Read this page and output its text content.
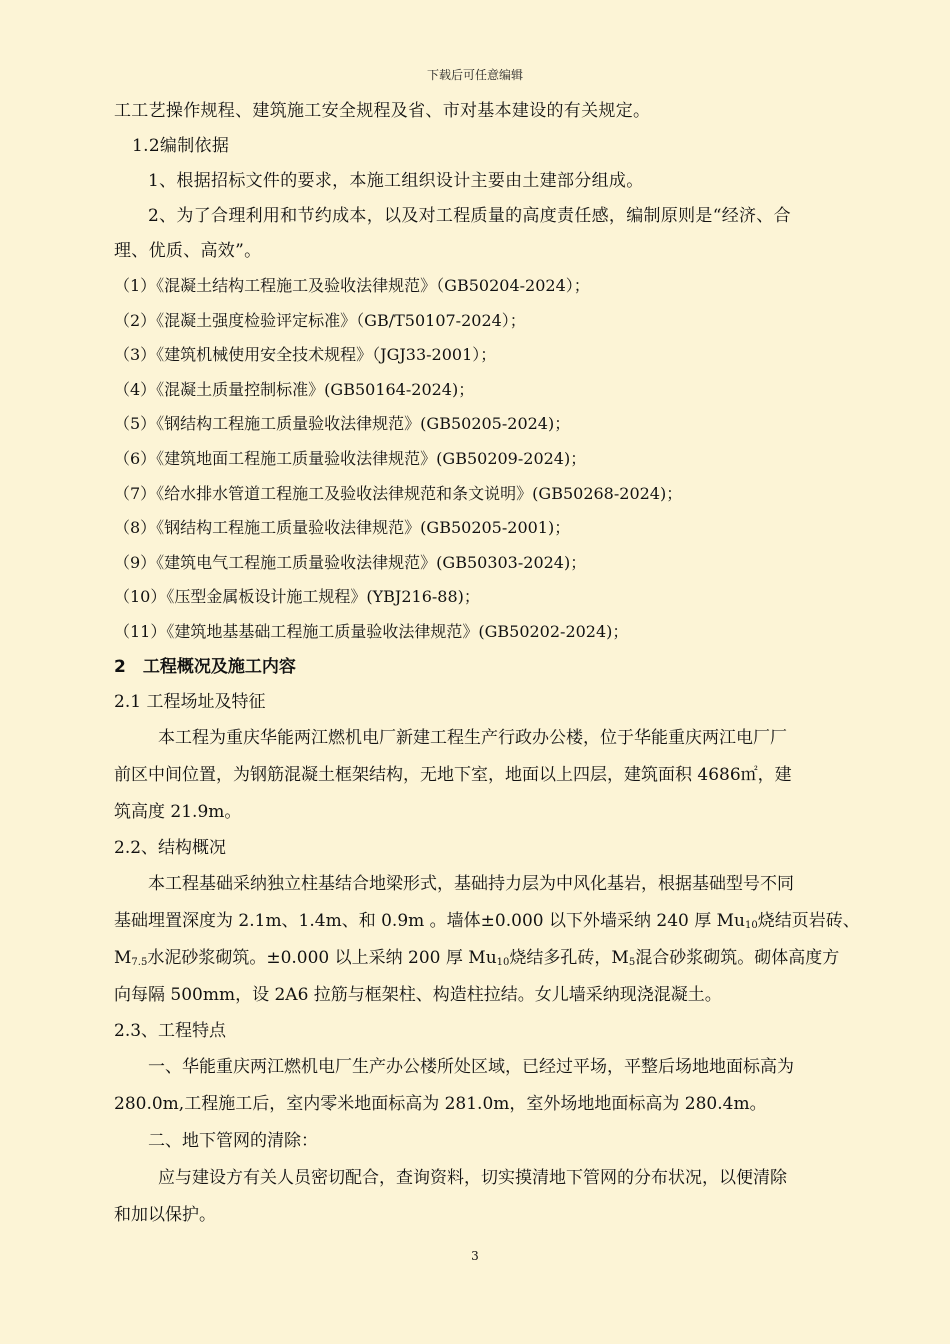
下载后可任意编辑
工工艺操作规程、建筑施工安全规程及省、市对基本建设的有关规定。
1.2编制依据
1、根据招标文件的要求，本施工组织设计主要由土建部分组成。
2、为了合理利用和节约成本，以及对工程质量的高度责任感，编制原则是“经济、合
理、优质、高效”。
（1）《混凝土结构工程施工及验收法律规范》（GB50204-2024）；
（2）《混凝土强度检验评定标准》（GB/T50107-2024）；
（3）《建筑机械使用安全技术规程》（JGJ33-2001）；
（4）《混凝土质量控制标准》(GB50164-2024)；
（5）《钢结构工程施工质量验收法律规范》(GB50205-2024)；
（6）《建筑地面工程施工质量验收法律规范》(GB50209-2024)；
（7）《给水排水管道工程施工及验收法律规范和条文说明》(GB50268-2024)；
（8）《钢结构工程施工质量验收法律规范》(GB50205-2001)；
（9）《建筑电气工程施工质量验收法律规范》(GB50303-2024)；
（10）《压型金属板设计施工规程》(YBJ216-88)；
（11）《建筑地基基础工程施工质量验收法律规范》(GB50202-2024)；
2　工程概况及施工内容
2.1 工程场址及特征
本工程为重庆华能两江燃机电厂新建工程生产行政办公楼，位于华能重庆两江电厂厂
前区中间位置，为钢筋混凝土框架结构，无地下室，地面以上四层，建筑面积 4686㎡，建
筑高度 21.9m。
2.2、结构概况
本工程基础采纳独立柱基结合地梁形式，基础持力层为中风化基岩，根据基础型号不同
基础埋置深度为 2.1m、1.4m、和 0.9m 。墙体±0.000 以下外墙采纳 240 厚 $Mu_{10}$烧结页岩砖、
$M_{7.5}$水泥砂浆砌筑。±0.000 以上采纳 200 厚 $Mu_{10}$烧结多孔砖，$M_5$混合砂浆砌筑。砌体高度方
向每隔 500mm，设 2A6 拉筋与框架柱、构造柱拉结。女儿墙采纳现浇混凝土。
2.3、工程特点
一、华能重庆两江燃机电厂生产办公楼所处区域，已经过平场，平整后场地地面标高为
280.0m,工程施工后，室内零米地面标高为 281.0m，室外场地地面标高为 280.4m。
二、地下管网的清除：
应与建设方有关人员密切配合，查询资料，切实摸清地下管网的分布状况，以便清除
和加以保护。
3
